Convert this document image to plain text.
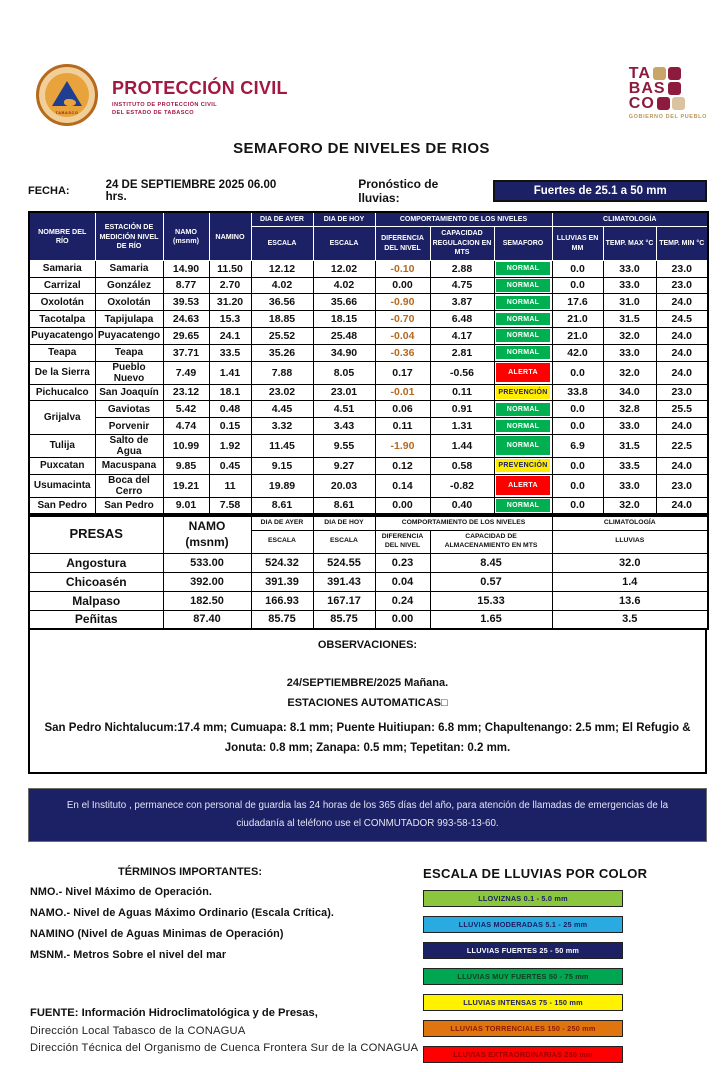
TABASCO
PROTECCIÓN CIVIL
INSTITUTO DE PROTECCIÓN CIVIL
DEL ESTADO DE TABASCO
TA
BAS
CO
GOBIERNO DEL PUEBLO
SEMAFORO DE NIVELES DE RIOS
FECHA:	24 DE SEPTIEMBRE 2025 06.00 hrs.
Pronóstico de lluvias:	Fuertes de 25.1 a 50 mm
NOMBRE DEL RÍO	ESTACIÓN DE MEDICIÓN NIVEL DE RÍO	NAMO (msnm)	NAMINO	DIA DE AYER	DIA DE HOY	COMPORTAMIENTO DE LOS NIVELES			CLIMATOLOGÍA		
				ESCALA	ESCALA	DIFERENCIA DEL NIVEL	CAPACIDAD REGULACION EN MTS	SEMAFORO	LLUVIAS EN MM	TEMP. MAX °C	TEMP. MIN °C
Samaria	Samaria	14.90	11.50	12.12	12.02	-0.10	2.88	NORMAL	0.0	33.0	23.0
Carrizal	González	8.77	2.70	4.02	4.02	0.00	4.75	NORMAL	0.0	33.0	23.0
Oxolotán	Oxolotán	39.53	31.20	36.56	35.66	-0.90	3.87	NORMAL	17.6	31.0	24.0
Tacotalpa	Tapijulapa	24.63	15.3	18.85	18.15	-0.70	6.48	NORMAL	21.0	31.5	24.5
Puyacatengo	Puyacatengo	29.65	24.1	25.52	25.48	-0.04	4.17	NORMAL	21.0	32.0	24.0
Teapa	Teapa	37.71	33.5	35.26	34.90	-0.36	2.81	NORMAL	42.0	33.0	24.0
De la Sierra	Pueblo Nuevo	7.49	1.41	7.88	8.05	0.17	-0.56	ALERTA	0.0	32.0	24.0
Pichucalco	San Joaquín	23.12	18.1	23.02	23.01	-0.01	0.11	PREVENCIÓN	33.8	34.0	23.0
Grijalva	Gaviotas	5.42	0.48	4.45	4.51	0.06	0.91	NORMAL	0.0	32.8	25.5
	Porvenir	4.74	0.15	3.32	3.43	0.11	1.31	NORMAL	0.0	33.0	24.0
Tulija	Salto de Agua	10.99	1.92	11.45	9.55	-1.90	1.44	NORMAL	6.9	31.5	22.5
Puxcatan	Macuspana	9.85	0.45	9.15	9.27	0.12	0.58	PREVENCIÓN	0.0	33.5	24.0
Usumacinta	Boca del Cerro	19.21	11	19.89	20.03	0.14	-0.82	ALERTA	0.0	33.0	23.0
San Pedro	San Pedro	9.01	7.58	8.61	8.61	0.00	0.40	NORMAL	0.0	32.0	24.0
PRESAS	NAMO (msnm)	DIA DE AYER	DIA DE HOY	COMPORTAMIENTO DE LOS NIVELES		CLIMATOLOGÍA
		ESCALA	ESCALA	DIFERENCIA DEL NIVEL	CAPACIDAD DE ALMACENAMIENTO EN MTS	LLUVIAS
Angostura	533.00	524.32	524.55	0.23	8.45	32.0
Chicoasén	392.00	391.39	391.43	0.04	0.57	1.4
Malpaso	182.50	166.93	167.17	0.24	15.33	13.6
Peñitas	87.40	85.75	85.75	0.00	1.65	3.5
OBSERVACIONES:
24/SEPTIEMBRE/2025 Mañana.
ESTACIONES AUTOMATICAS□
San Pedro Nichtalucum:17.4 mm; Cumuapa: 8.1 mm; Puente Huitiupan: 6.8 mm; Chapultenango: 2.5 mm; El Refugio & Jonuta: 0.8 mm; Zanapa: 0.5 mm; Tepetitan: 0.2 mm.
En el Instituto , permanece con personal de guardia las 24 horas de los 365 días del año, para atención de llamadas de emergencias de la ciudadanía al teléfono use el CONMUTADOR 993-58-13-60.
TÉRMINOS IMPORTANTES:
NMO.- Nivel Máximo de Operación.
NAMO.- Nivel de Aguas Máximo Ordinario (Escala Crítica).
NAMINO (Nivel de Aguas Minimas de Operación)
MSNM.- Metros Sobre el nivel del mar
FUENTE: Información Hidroclimatológica y de Presas,
Dirección Local Tabasco de la CONAGUA
Dirección Técnica del Organismo de Cuenca Frontera Sur de la CONAGUA
ESCALA DE LLUVIAS POR COLOR
LLOVIZNAS 0.1 - 5.0 mm
LLUVIAS MODERADAS 5.1 - 25 mm
LLUVIAS FUERTES 25 - 50 mm
LLUVIAS MUY FUERTES 50 - 75 mm
LLUVIAS INTENSAS 75 - 150 mm
LLUVIAS TORRENCIALES 150 - 250 mm
LLUVIAS EXTRAORDINARIAS 250 mm
